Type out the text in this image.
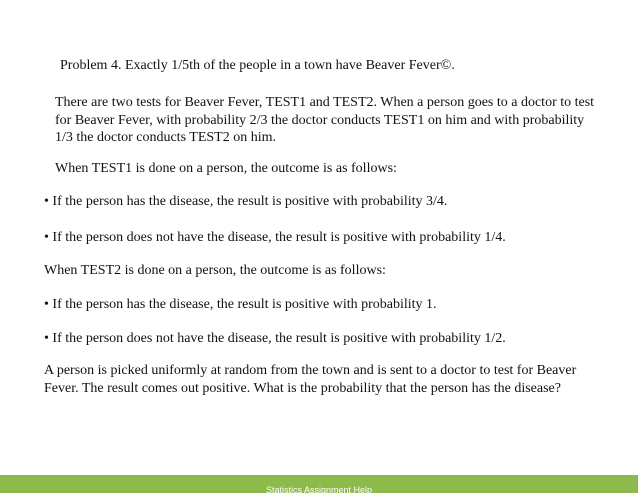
Problem 4. Exactly 1/5th of the people in a town have Beaver Fever©.

There are two tests for Beaver Fever, TEST1 and TEST2. When a person goes to a doctor to test for Beaver Fever, with probability 2/3 the doctor conducts TEST1 on him and with probability 1/3 the doctor conducts TEST2 on him.

When TEST1 is done on a person, the outcome is as follows:

• If the person has the disease, the result is positive with probability 3/4.

• If the person does not have the disease, the result is positive with probability 1/4.

When TEST2 is done on a person, the outcome is as follows:

• If the person has the disease, the result is positive with probability 1.

• If the person does not have the disease, the result is positive with probability 1/2.

A person is picked uniformly at random from the town and is sent to a doctor to test for Beaver Fever. The result comes out positive. What is the probability that the person has the disease?

$_{Statistics Assignment Help}$
